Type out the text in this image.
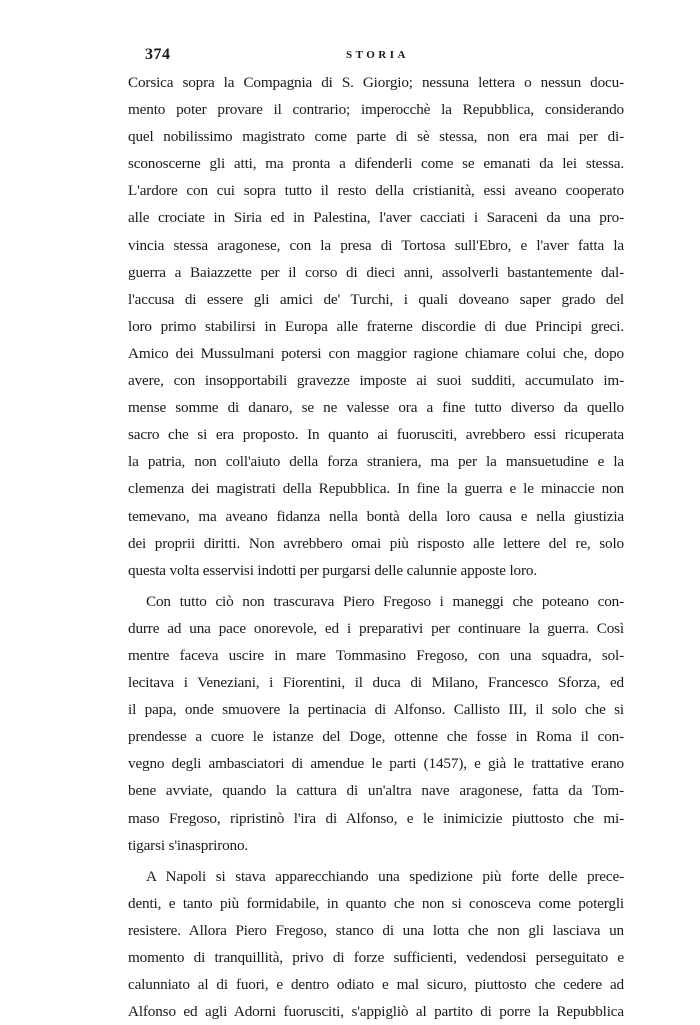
374	STORIA
Corsica sopra la Compagnia di S. Giorgio; nessuna lettera o nessun docu-
mento poter provare il contrario; imperocchè la Repubblica, considerando
quel nobilissimo magistrato come parte di sè stessa, non era mai per di-
sconoscerne gli atti, ma pronta a difenderli come se emanati da lei stessa.
L'ardore con cui sopra tutto il resto della cristianità, essi aveano cooperato
alle crociate in Siria ed in Palestina, l'aver cacciati i Saraceni da una pro-
vincia stessa aragonese, con la presa di Tortosa sull'Ebro, e l'aver fatta la
guerra a Baiazzette per il corso di dieci anni, assolverli bastantemente dal-
l'accusa di essere gli amici de' Turchi, i quali doveano saper grado del
loro primo stabilirsi in Europa alle fraterne discordie di due Principi greci.
Amico dei Mussulmani potersi con maggior ragione chiamare colui che, dopo
avere, con insopportabili gravezze imposte ai suoi sudditi, accumulato im-
mense somme di danaro, se ne valesse ora a fine tutto diverso da quello
sacro che si era proposto. In quanto ai fuorusciti, avrebbero essi ricuperata
la patria, non coll'aiuto della forza straniera, ma per la mansuetudine e la
clemenza dei magistrati della Repubblica. In fine la guerra e le minaccie non
temevano, ma aveano fidanza nella bontà della loro causa e nella giustizia
dei proprii diritti. Non avrebbero omai più risposto alle lettere del re, solo
questa volta esservisi indotti per purgarsi delle calunnie apposte loro.
Con tutto ciò non trascurava Piero Fregoso i maneggi che poteano con-
durre ad una pace onorevole, ed i preparativi per continuare la guerra. Così
mentre faceva uscire in mare Tommasino Fregoso, con una squadra, sol-
lecitava i Veneziani, i Fiorentini, il duca di Milano, Francesco Sforza, ed
il papa, onde smuovere la pertinacia di Alfonso. Callisto III, il solo che si
prendesse a cuore le istanze del Doge, ottenne che fosse in Roma il con-
vegno degli ambasciatori di amendue le parti (1457), e già le trattative erano
bene avviate, quando la cattura di un'altra nave aragonese, fatta da Tom-
maso Fregoso, ripristinò l'ira di Alfonso, e le inimicizie piuttosto che mi-
tigarsi s'inasprirono.
A Napoli si stava apparecchiando una spedizione più forte delle prece-
denti, e tanto più formidabile, in quanto che non si conosceva come potergli
resistere. Allora Piero Fregoso, stanco di una lotta che non gli lasciava un
momento di tranquillità, privo di forze sufficienti, vedendosi perseguitato e
calunniato al di fuori, e dentro odiato e mal sicuro, piuttosto che cedere ad
Alfonso ed agli Adorni fuorusciti, s'appigliò al partito di porre la Repubblica
